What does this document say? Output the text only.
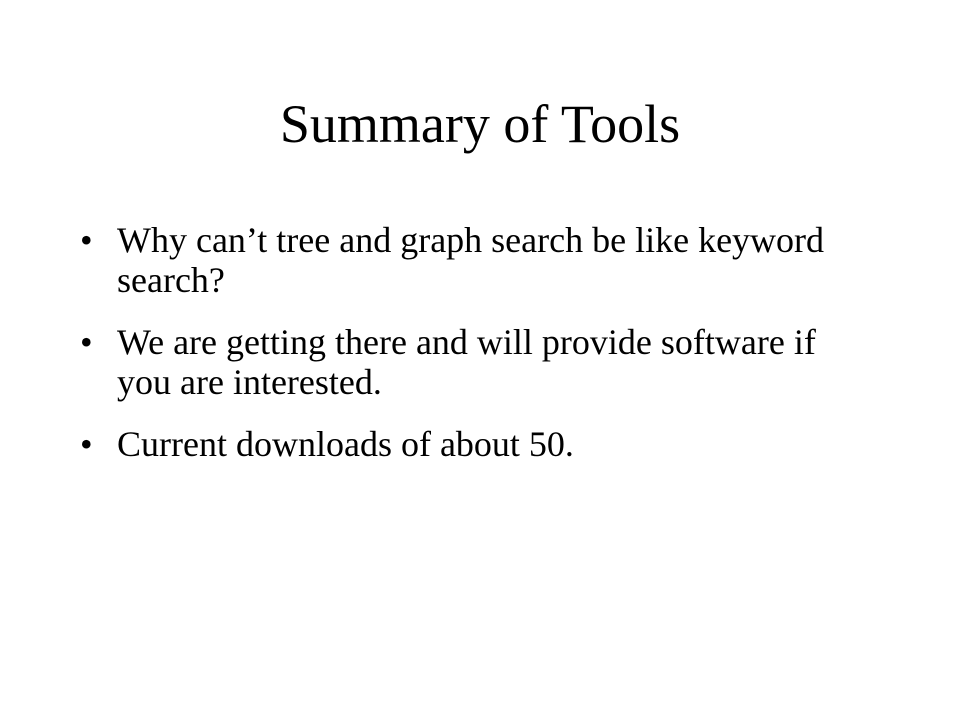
Summary of Tools
• Why can’t tree and graph search be like keyword search?
• We are getting there and will provide software if you are interested.
• Current downloads of about 50.
